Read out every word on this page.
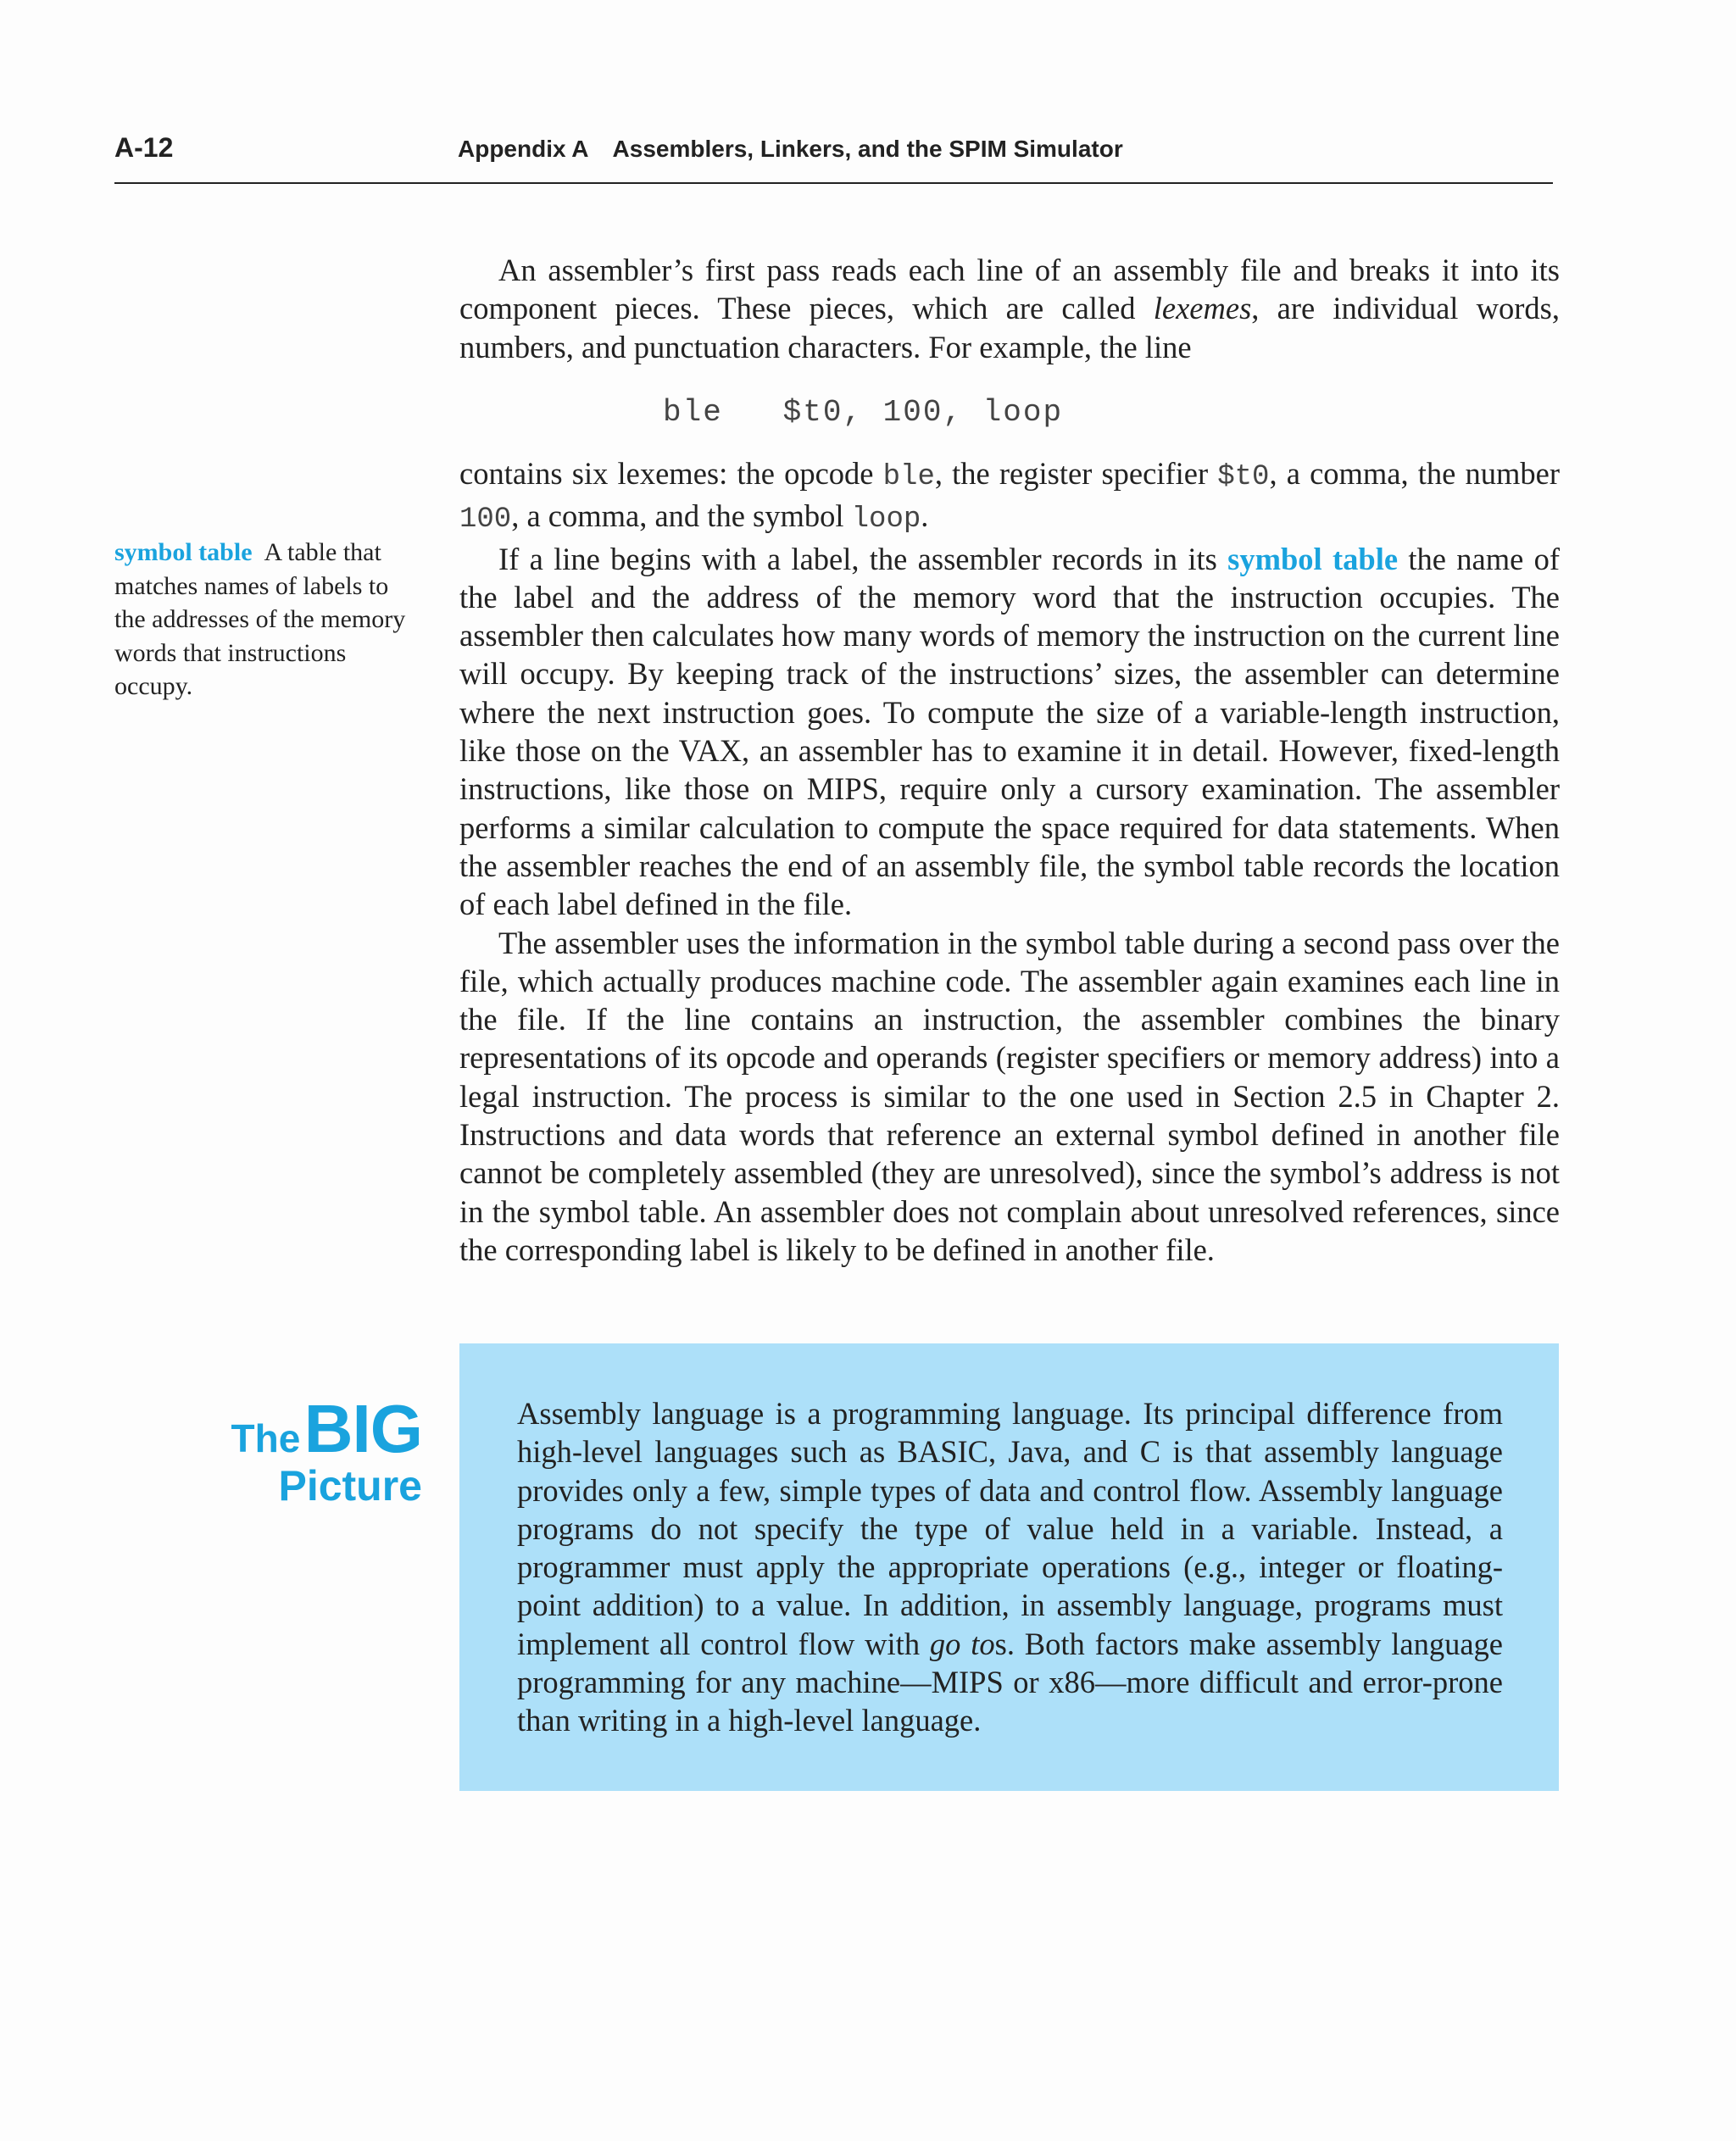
A-12	Appendix A Assemblers, Linkers, and the SPIM Simulator

An assembler’s first pass reads each line of an assembly file and breaks it into its component pieces. These pieces, which are called lexemes, are individual words, numbers, and punctuation characters. For example, the line

ble   $t0, 100, loop

contains six lexemes: the opcode ble, the register specifier $t0, a comma, the number 100, a comma, and the symbol loop.

If a line begins with a label, the assembler records in its symbol table the name of the label and the address of the memory word that the instruction occupies. The assembler then calculates how many words of memory the instruction on the current line will occupy. By keeping track of the instructions’ sizes, the assembler can determine where the next instruction goes. To compute the size of a variable-length instruction, like those on the VAX, an assembler has to examine it in detail. However, fixed-length instructions, like those on MIPS, require only a cursory examination. The assembler performs a similar calculation to compute the space required for data statements. When the assembler reaches the end of an assembly file, the symbol table records the location of each label defined in the file.

The assembler uses the information in the symbol table during a second pass over the file, which actually produces machine code. The assembler again examines each line in the file. If the line contains an instruction, the assembler combines the binary representations of its opcode and operands (register specifiers or memory address) into a legal instruction. The process is similar to the one used in Section 2.5 in Chapter 2. Instructions and data words that reference an external symbol defined in another file cannot be completely assembled (they are unresolved), since the symbol’s address is not in the symbol table. An assembler does not complain about unresolved references, since the corresponding label is likely to be defined in another file.

symbol table A table that matches names of labels to the addresses of the memory words that instructions occupy.
The BIG
Picture
Assembly language is a programming language. Its principal difference from high-level languages such as BASIC, Java, and C is that assembly language provides only a few, simple types of data and control flow. Assembly language programs do not specify the type of value held in a variable. Instead, a programmer must apply the appropriate operations (e.g., integer or floating-point addition) to a value. In addition, in assembly language, programs must implement all control flow with go tos. Both factors make assembly language programming for any machine—MIPS or x86—more difficult and error-prone than writing in a high-level language.
